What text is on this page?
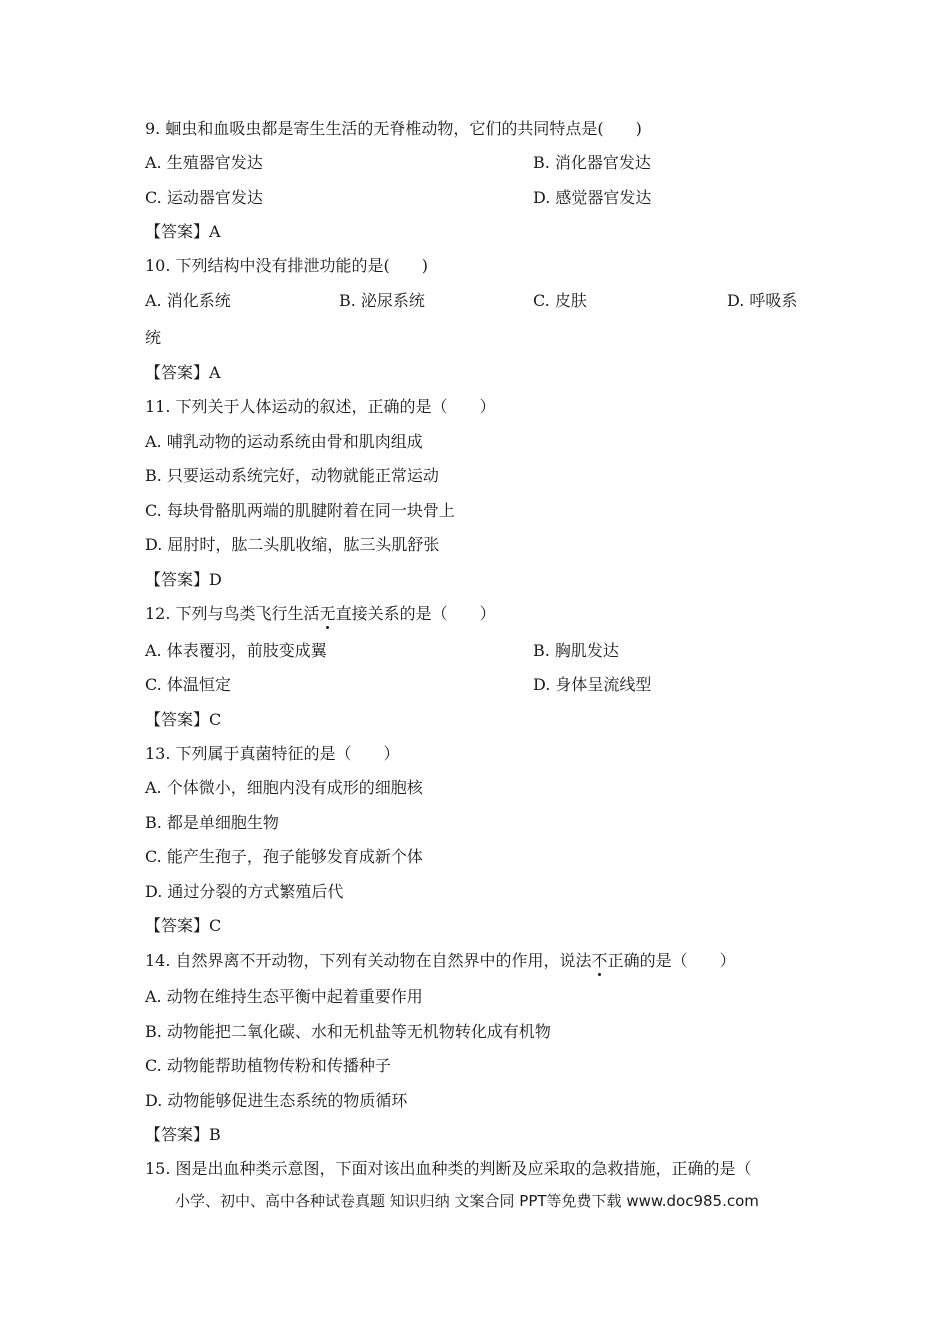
9. 蛔虫和血吸虫都是寄生生活的无脊椎动物，它们的共同特点是(　　)
A. 生殖器官发达	B. 消化器官发达
C. 运动器官发达	D. 感觉器官发达
【答案】A
10. 下列结构中没有排泄功能的是(　　)
A. 消化系统	B. 泌尿系统	C. 皮肤	D. 呼吸系
统
【答案】A
11. 下列关于人体运动的叙述，正确的是（　　）
A. 哺乳动物的运动系统由骨和肌肉组成
B. 只要运动系统完好，动物就能正常运动
C. 每块骨骼肌两端的肌腱附着在同一块骨上
D. 屈肘时，肱二头肌收缩，肱三头肌舒张
【答案】D
12. 下列与鸟类飞行生活无直接关系的是（　　）
A. 体表覆羽，前肢变成翼	B. 胸肌发达
C. 体温恒定	D. 身体呈流线型
【答案】C
13. 下列属于真菌特征的是（　　）
A. 个体微小，细胞内没有成形的细胞核
B. 都是单细胞生物
C. 能产生孢子，孢子能够发育成新个体
D. 通过分裂的方式繁殖后代
【答案】C
14. 自然界离不开动物，下列有关动物在自然界中的作用，说法不正确的是（　　）
A. 动物在维持生态平衡中起着重要作用
B. 动物能把二氧化碳、水和无机盐等无机物转化成有机物
C. 动物能帮助植物传粉和传播种子
D. 动物能够促进生态系统的物质循环
【答案】B
15. 图是出血种类示意图，下面对该出血种类的判断及应采取的急救措施，正确的是（
小学、初中、高中各种试卷真题 知识归纳 文案合同 PPT等免费下载 www.doc985.com
